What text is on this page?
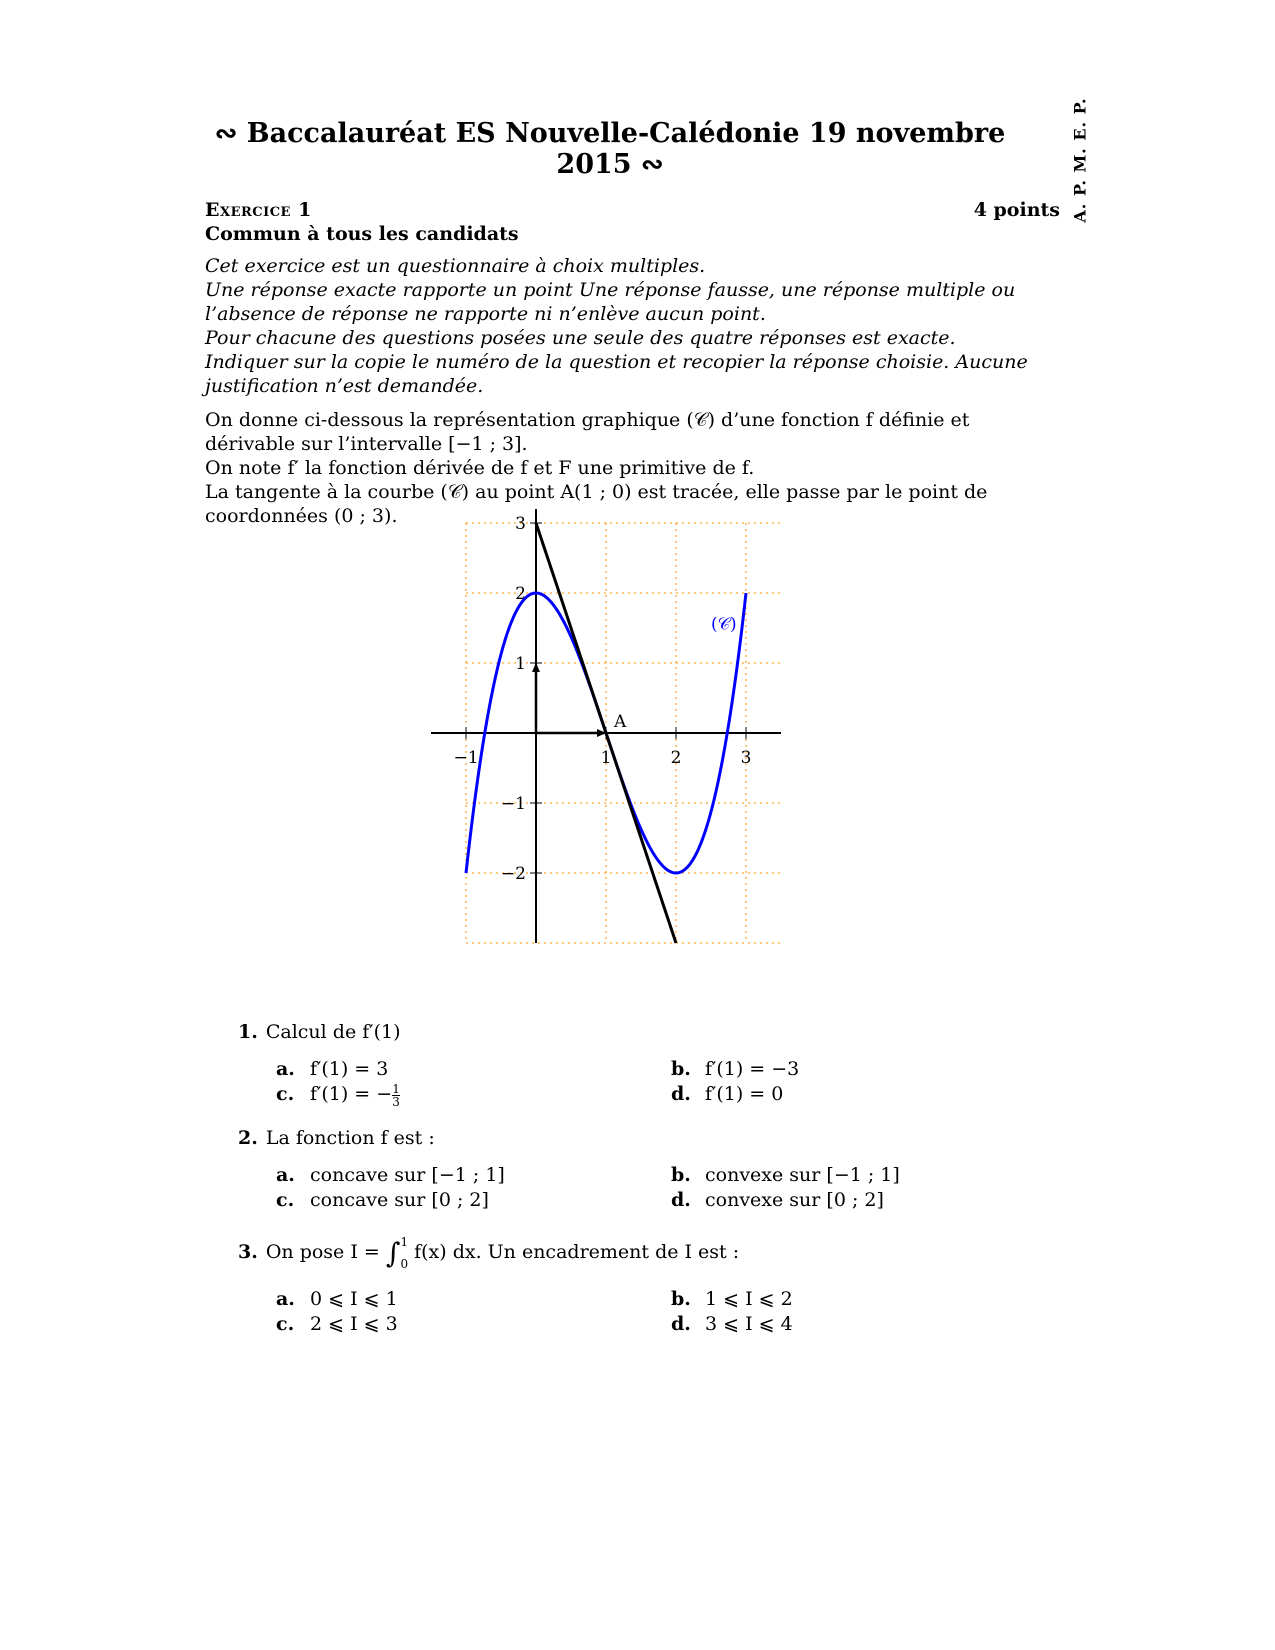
A. P. M. E. P.
∾ Baccalauréat ES Nouvelle-Calédonie 19 novembre 2015 ∾
Exercice 1	4 points
Commun à tous les candidats
Cet exercice est un questionnaire à choix multiples.
Une réponse exacte rapporte un point Une réponse fausse, une réponse multiple ou l’absence de réponse ne rapporte ni n’enlève aucun point.
Pour chacune des questions posées une seule des quatre réponses est exacte.
Indiquer sur la copie le numéro de la question et recopier la réponse choisie. Aucune justification n’est demandée.
On donne ci-dessous la représentation graphique (𝒞) d’une fonction f définie et dérivable sur l’intervalle [−1 ; 3].
On note f′ la fonction dérivée de f et F une primitive de f.
La tangente à la courbe (𝒞) au point A(1 ; 0) est tracée, elle passe par le point de coordonnées (0 ; 3).
−1	1	2	3
3
2
1
−1
−2
(𝒞)
A
1. Calcul de f′(1)
a. f′(1) = 3	b. f′(1) = −3
c. f′(1) = − $\frac{1}{3}$	d. f′(1) = 0
2. La fonction f est :
a. concave sur [−1 ; 1]	b. convexe sur [−1 ; 1]
c. concave sur [0 ; 2]	d. convexe sur [0 ; 2]
3. On pose I = ∫ 1
0
f(x) dx. Un encadrement de I est :
a. 0 ⩽ I ⩽ 1	b. 1 ⩽ I ⩽ 2
c. 2 ⩽ I ⩽ 3	d. 3 ⩽ I ⩽ 4
